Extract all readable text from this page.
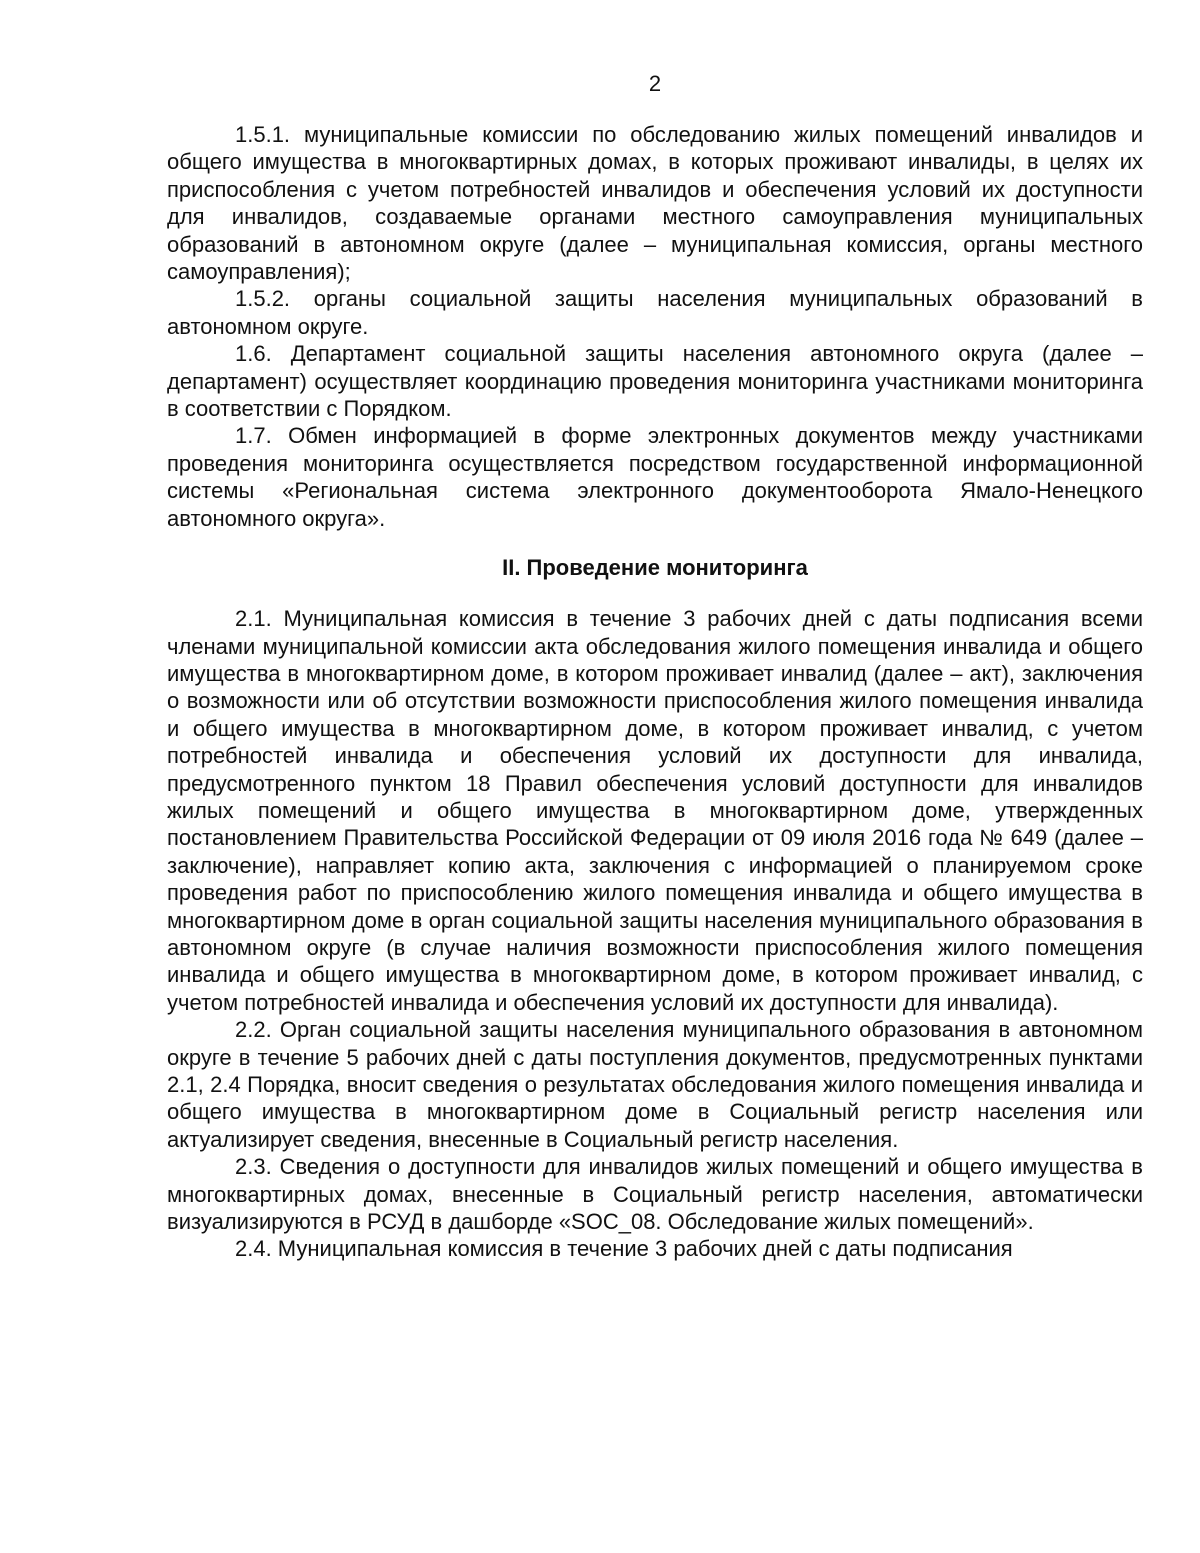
2

1.5.1. муниципальные комиссии по обследованию жилых помещений инвалидов и общего имущества в многоквартирных домах, в которых проживают инвалиды, в целях их приспособления с учетом потребностей инвалидов и обеспечения условий их доступности для инвалидов, создаваемые органами местного самоуправления муниципальных образований в автономном округе (далее – муниципальная комиссия, органы местного самоуправления);

1.5.2. органы социальной защиты населения муниципальных образований в автономном округе.

1.6. Департамент социальной защиты населения автономного округа (далее – департамент) осуществляет координацию проведения мониторинга участниками мониторинга в соответствии с Порядком.

1.7. Обмен информацией в форме электронных документов между участниками проведения мониторинга осуществляется посредством государственной информационной системы «Региональная система электронного документооборота Ямало-Ненецкого автономного округа».

II. Проведение мониторинга

2.1. Муниципальная комиссия в течение 3 рабочих дней с даты подписания всеми членами муниципальной комиссии акта обследования жилого помещения инвалида и общего имущества в многоквартирном доме, в котором проживает инвалид (далее – акт), заключения о возможности или об отсутствии возможности приспособления жилого помещения инвалида и общего имущества в многоквартирном доме, в котором проживает инвалид, с учетом потребностей инвалида и обеспечения условий их доступности для инвалида, предусмотренного пунктом 18 Правил обеспечения условий доступности для инвалидов жилых помещений и общего имущества в многоквартирном доме, утвержденных постановлением Правительства Российской Федерации от 09 июля 2016 года № 649 (далее – заключение), направляет копию акта, заключения с информацией о планируемом сроке проведения работ по приспособлению жилого помещения инвалида и общего имущества в многоквартирном доме в орган социальной защиты населения муниципального образования в автономном округе (в случае наличия возможности приспособления жилого помещения инвалида и общего имущества в многоквартирном доме, в котором проживает инвалид, с учетом потребностей инвалида и обеспечения условий их доступности для инвалида).

2.2. Орган социальной защиты населения муниципального образования в автономном округе в течение 5 рабочих дней с даты поступления документов, предусмотренных пунктами 2.1, 2.4 Порядка, вносит сведения о результатах обследования жилого помещения инвалида и общего имущества в многоквартирном доме в Социальный регистр населения или актуализирует сведения, внесенные в Социальный регистр населения.

2.3. Сведения о доступности для инвалидов жилых помещений и общего имущества в многоквартирных домах, внесенные в Социальный регистр населения, автоматически визуализируются в РСУД в дашборде «SOC_08. Обследование жилых помещений».

2.4. Муниципальная комиссия в течение 3 рабочих дней с даты подписания
